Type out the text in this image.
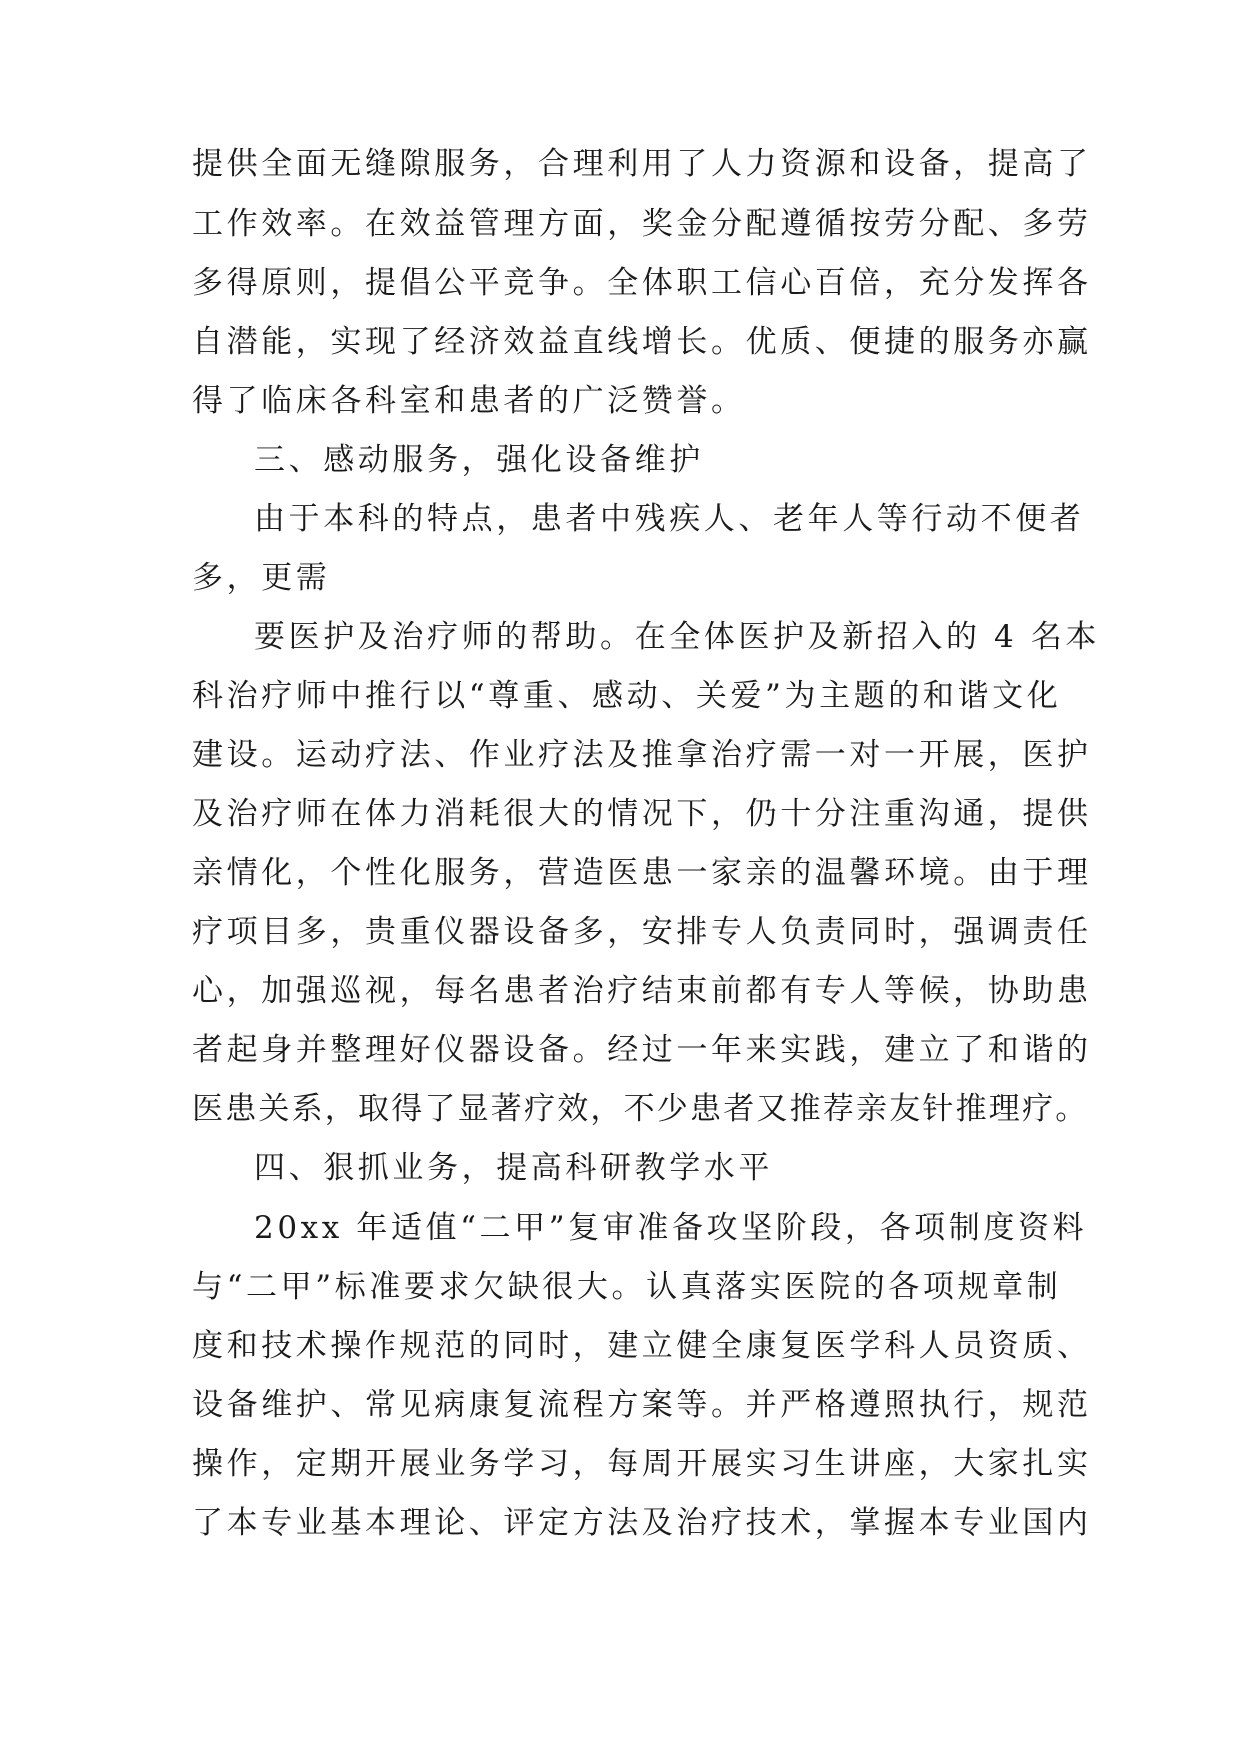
提供全面无缝隙服务，合理利用了人力资源和设备，提高了
工作效率。在效益管理方面，奖金分配遵循按劳分配、多劳
多得原则，提倡公平竞争。全体职工信心百倍，充分发挥各
自潜能，实现了经济效益直线增长。优质、便捷的服务亦赢
得了临床各科室和患者的广泛赞誉。
三、感动服务，强化设备维护
由于本科的特点，患者中残疾人、老年人等行动不便者
多，更需
要医护及治疗师的帮助。在全体医护及新招入的 4 名本
科治疗师中推行以“尊重、感动、关爱”为主题的和谐文化
建设。运动疗法、作业疗法及推拿治疗需一对一开展，医护
及治疗师在体力消耗很大的情况下，仍十分注重沟通，提供
亲情化，个性化服务，营造医患一家亲的温馨环境。由于理
疗项目多，贵重仪器设备多，安排专人负责同时，强调责任
心，加强巡视，每名患者治疗结束前都有专人等候，协助患
者起身并整理好仪器设备。经过一年来实践，建立了和谐的
医患关系，取得了显著疗效，不少患者又推荐亲友针推理疗。
四、狠抓业务，提高科研教学水平
20xx 年适值“二甲”复审准备攻坚阶段，各项制度资料
与“二甲”标准要求欠缺很大。认真落实医院的各项规章制
度和技术操作规范的同时，建立健全康复医学科人员资质、
设备维护、常见病康复流程方案等。并严格遵照执行，规范
操作，定期开展业务学习，每周开展实习生讲座，大家扎实
了本专业基本理论、评定方法及治疗技术，掌握本专业国内
